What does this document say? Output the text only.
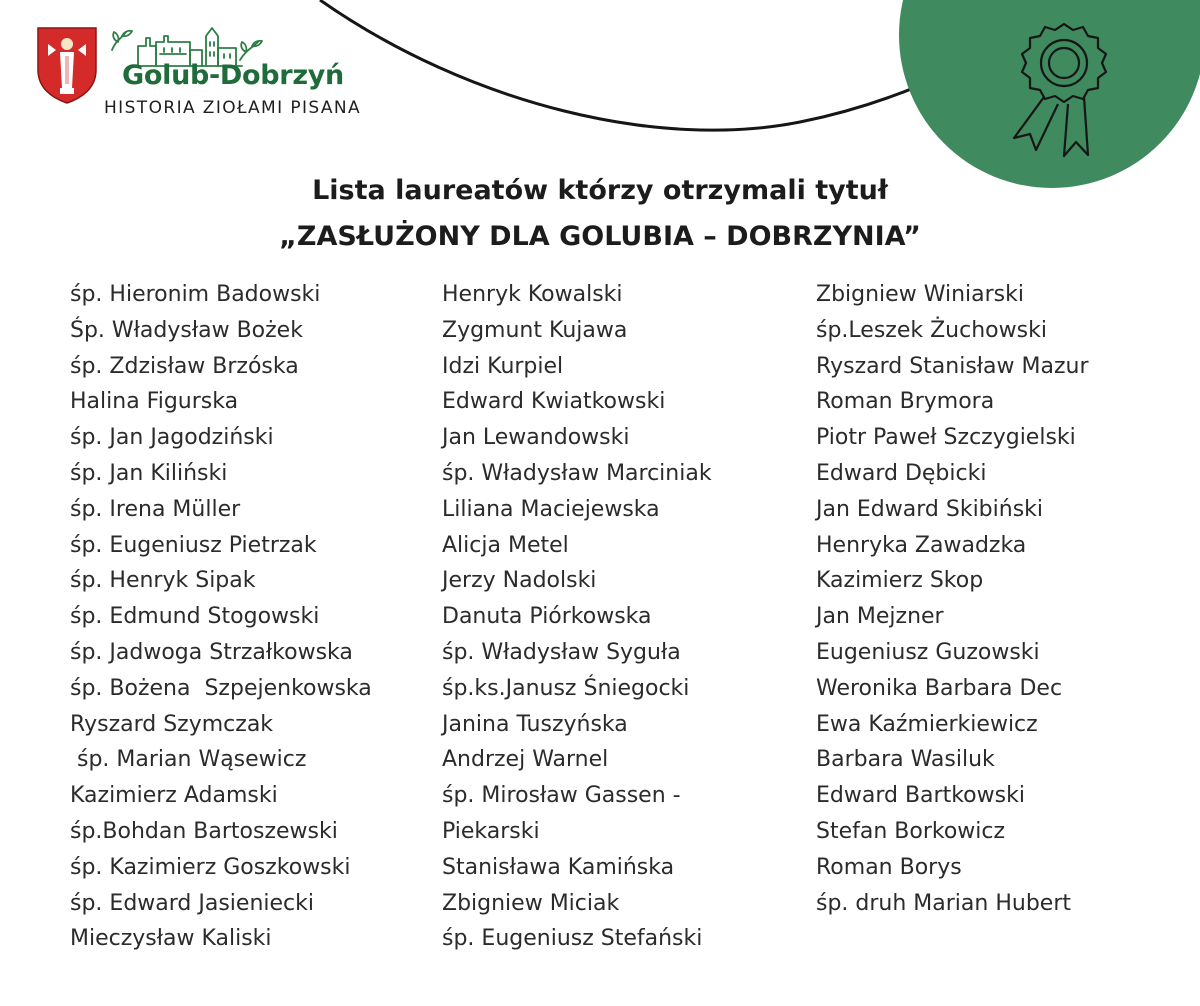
Golub-Dobrzyń
HISTORIA ZIOŁAMI PISANA
Lista laureatów którzy otrzymali tytuł
„ZASŁUŻONY DLA GOLUBIA – DOBRZYNIA”
śp. Hieronim Badowski
Śp. Władysław Bożek
śp. Zdzisław Brzóska
Halina Figurska
śp. Jan Jagodziński
śp. Jan Kiliński
śp. Irena Müller
śp. Eugeniusz Pietrzak
śp. Henryk Sipak
śp. Edmund Stogowski
śp. Jadwoga Strzałkowska
śp. Bożena  Szpejenkowska
Ryszard Szymczak
śp. Marian Wąsewicz
Kazimierz Adamski
śp.Bohdan Bartoszewski
śp. Kazimierz Goszkowski
śp. Edward Jasieniecki
Mieczysław Kaliski
Henryk Kowalski
Zygmunt Kujawa
Idzi Kurpiel
Edward Kwiatkowski
Jan Lewandowski
śp. Władysław Marciniak
Liliana Maciejewska
Alicja Metel
Jerzy Nadolski
Danuta Piórkowska
śp. Władysław Syguła
śp.ks.Janusz Śniegocki
Janina Tuszyńska
Andrzej Warnel
śp. Mirosław Gassen -
Piekarski
Stanisława Kamińska
Zbigniew Miciak
śp. Eugeniusz Stefański
Zbigniew Winiarski
śp.Leszek Żuchowski
Ryszard Stanisław Mazur
Roman Brymora
Piotr Paweł Szczygielski
Edward Dębicki
Jan Edward Skibiński
Henryka Zawadzka
Kazimierz Skop
Jan Mejzner
Eugeniusz Guzowski
Weronika Barbara Dec
Ewa Kaźmierkiewicz
Barbara Wasiluk
Edward Bartkowski
Stefan Borkowicz
Roman Borys
śp. druh Marian Hubert
